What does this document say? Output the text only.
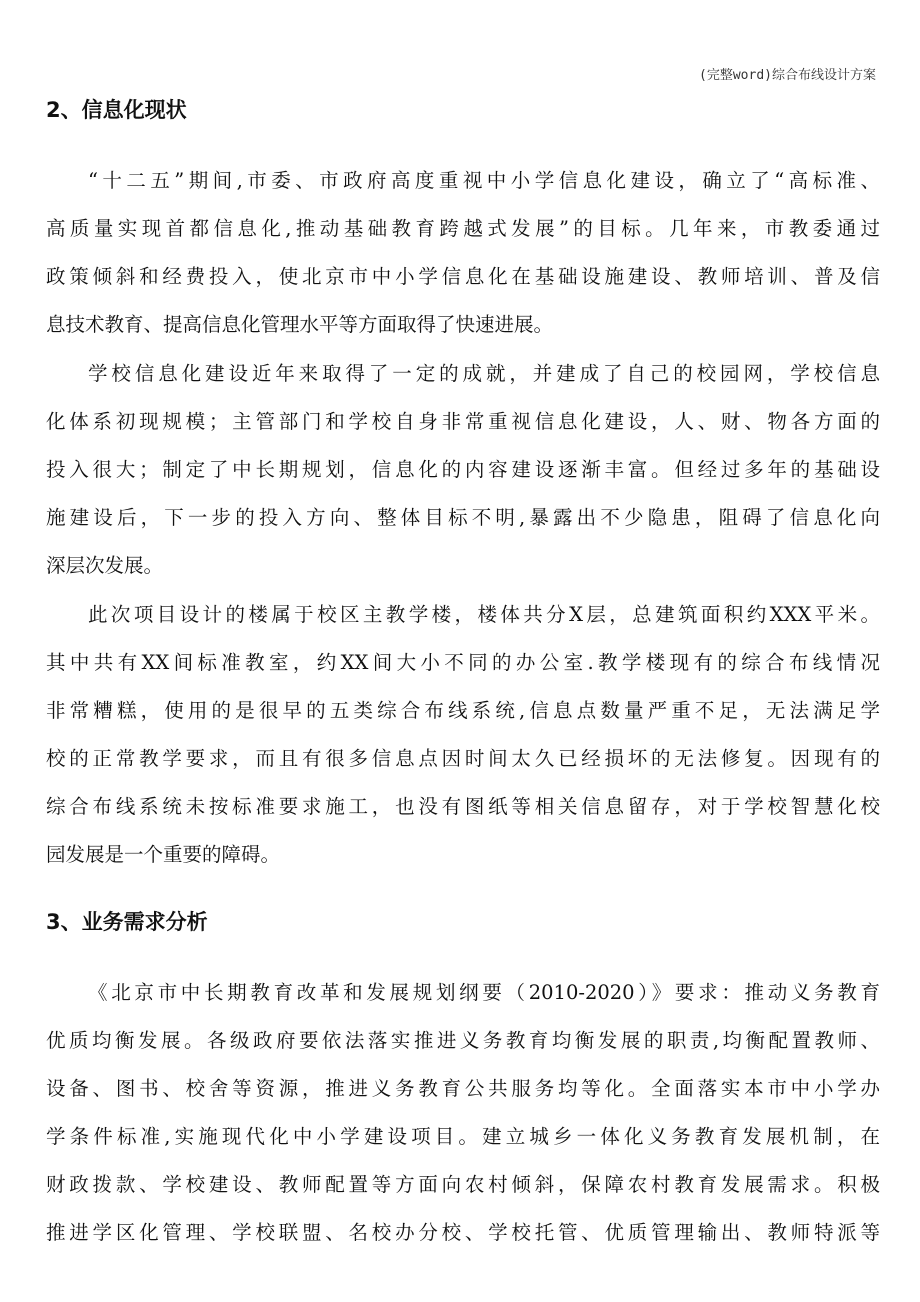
(完整word)综合布线设计方案
2、信息化现状
“十二五”期间,市委、市政府高度重视中小学信息化建设，确立了“高标准、
高质量实现首都信息化,推动基础教育跨越式发展”的目标。几年来，市教委通过
政策倾斜和经费投入，使北京市中小学信息化在基础设施建设、教师培训、普及信
息技术教育、提高信息化管理水平等方面取得了快速进展。
学校信息化建设近年来取得了一定的成就，并建成了自己的校园网，学校信息
化体系初现规模；主管部门和学校自身非常重视信息化建设，人、财、物各方面的
投入很大；制定了中长期规划，信息化的内容建设逐渐丰富。但经过多年的基础设
施建设后，下一步的投入方向、整体目标不明,暴露出不少隐患，阻碍了信息化向
深层次发展。
此次项目设计的楼属于校区主教学楼，楼体共分X层，总建筑面积约XXX平米。
其中共有XX间标准教室，约XX间大小不同的办公室.教学楼现有的综合布线情况
非常糟糕，使用的是很早的五类综合布线系统,信息点数量严重不足，无法满足学
校的正常教学要求，而且有很多信息点因时间太久已经损坏的无法修复。因现有的
综合布线系统未按标准要求施工，也没有图纸等相关信息留存，对于学校智慧化校
园发展是一个重要的障碍。
3、业务需求分析
《北京市中长期教育改革和发展规划纲要（2010-2020）》要求：推动义务教育
优质均衡发展。各级政府要依法落实推进义务教育均衡发展的职责,均衡配置教师、
设备、图书、校舍等资源，推进义务教育公共服务均等化。全面落实本市中小学办
学条件标准,实施现代化中小学建设项目。建立城乡一体化义务教育发展机制，在
财政拨款、学校建设、教师配置等方面向农村倾斜，保障农村教育发展需求。积极
推进学区化管理、学校联盟、名校办分校、学校托管、优质管理输出、教师特派等
